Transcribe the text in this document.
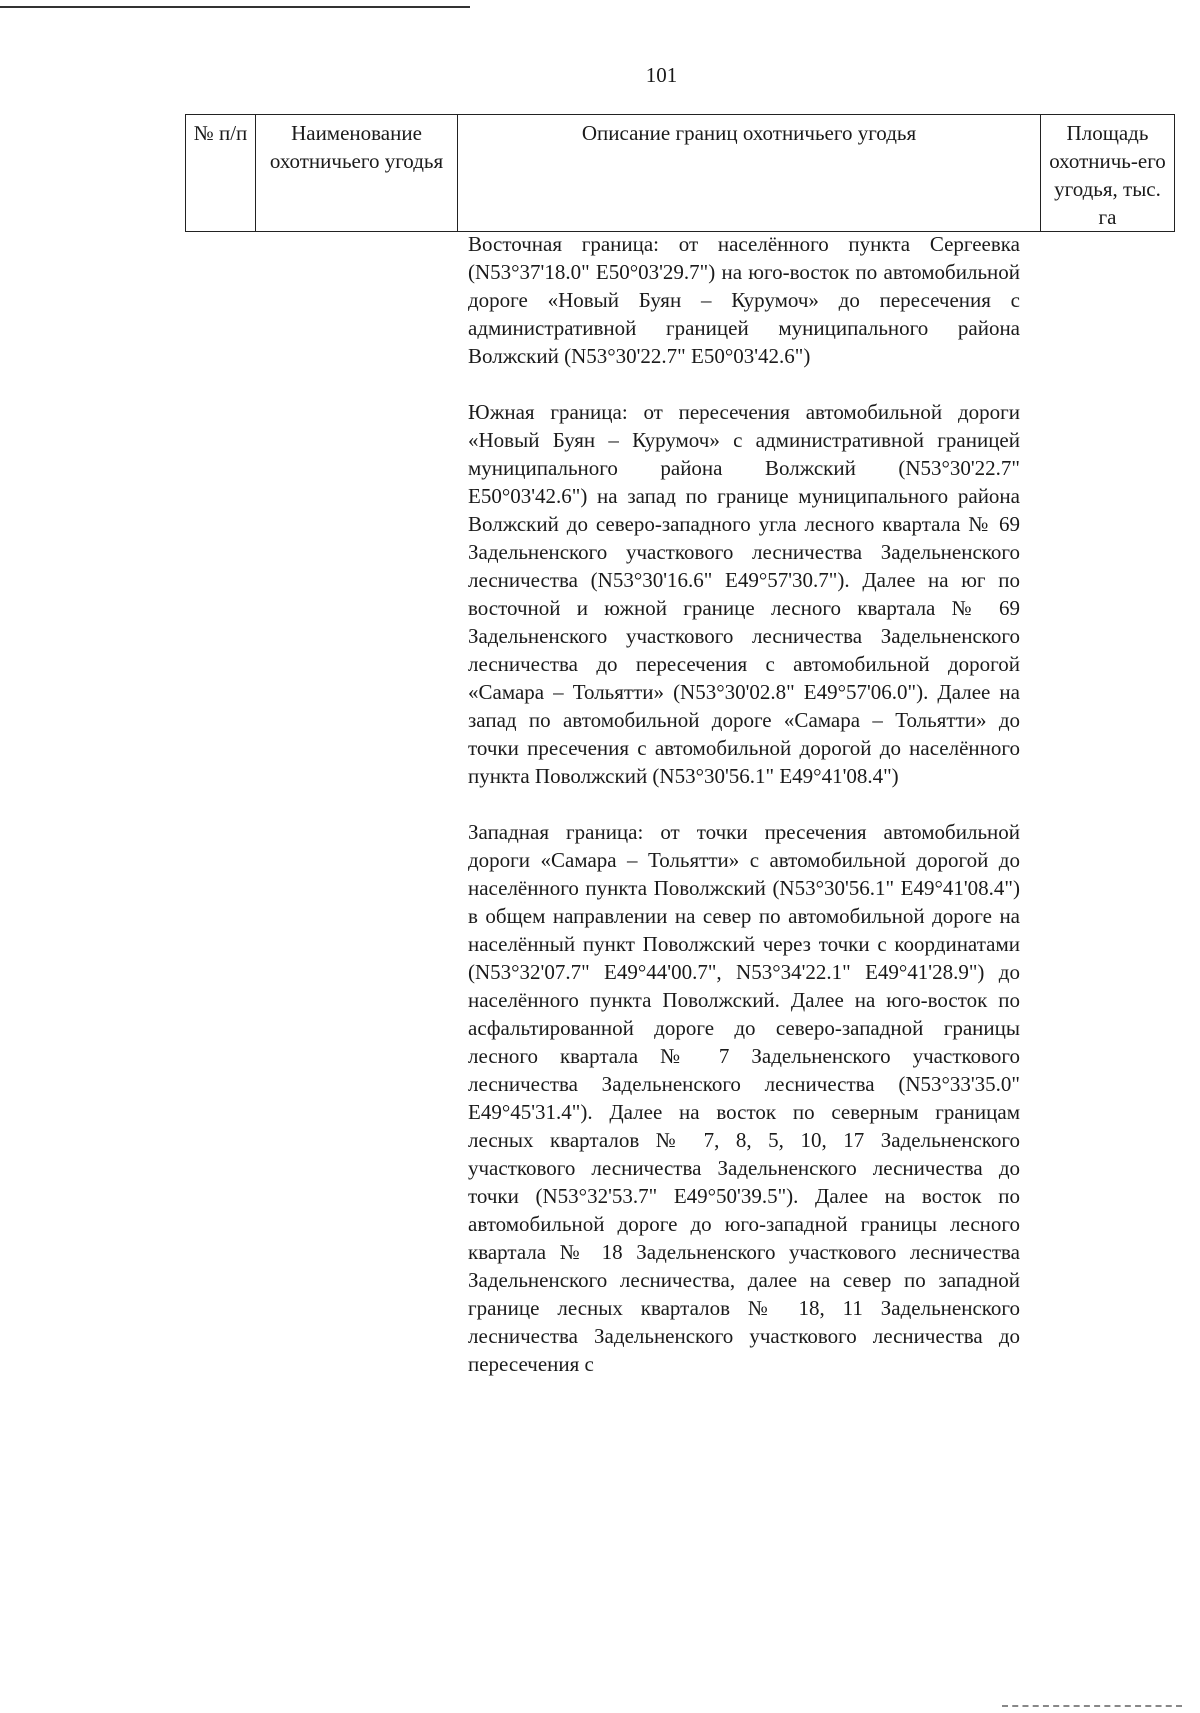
101
№ п/п	Наименование охотничьего угодья	Описание границ охотничьего угодья	Площадь охотничь-его угодья, тыс. га

Восточная граница: от населённого пункта Сергеевка (N53°37'18.0" E50°03'29.7") на юго-восток по автомобильной дороге «Новый Буян – Курумоч» до пересечения с административной границей муниципального района Волжский (N53°30'22.7" E50°03'42.6")

Южная граница: от пересечения автомобильной дороги «Новый Буян – Курумоч» с административной границей муниципального района Волжский (N53°30'22.7" E50°03'42.6") на запад по границе муниципального района Волжский до северо-западного угла лесного квартала № 69 Задельненского участкового лесничества Задельненского лесничества (N53°30'16.6" E49°57'30.7"). Далее на юг по восточной и южной границе лесного квартала № 69 Задельненского участкового лесничества Задельненского лесничества до пересечения с автомобильной дорогой «Самара – Тольятти» (N53°30'02.8" E49°57'06.0"). Далее на запад по автомобильной дороге «Самара – Тольятти» до точки пресечения с автомобильной дорогой до населённого пункта Поволжский (N53°30'56.1" E49°41'08.4")

Западная граница: от точки пресечения автомобильной дороги «Самара – Тольятти» с автомобильной дорогой до населённого пункта Поволжский (N53°30'56.1" E49°41'08.4") в общем направлении на север по автомобильной дороге на населённый пункт Поволжский через точки с координатами (N53°32'07.7" E49°44'00.7", N53°34'22.1" E49°41'28.9") до населённого пункта Поволжский. Далее на юго-восток по асфальтированной дороге до северо-западной границы лесного квартала № 7 Задельненского участкового лесничества Задельненского лесничества (N53°33'35.0" E49°45'31.4"). Далее на восток по северным границам лесных кварталов № 7, 8, 5, 10, 17 Задельненского участкового лесничества Задельненского лесничества до точки (N53°32'53.7" E49°50'39.5"). Далее на восток по автомобильной дороге до юго-западной границы лесного квартала № 18 Задельненского участкового лесничества Задельненского лесничества, далее на север по западной границе лесных кварталов № 18, 11 Задельненского лесничества Задельненского участкового лесничества до пересечения с
